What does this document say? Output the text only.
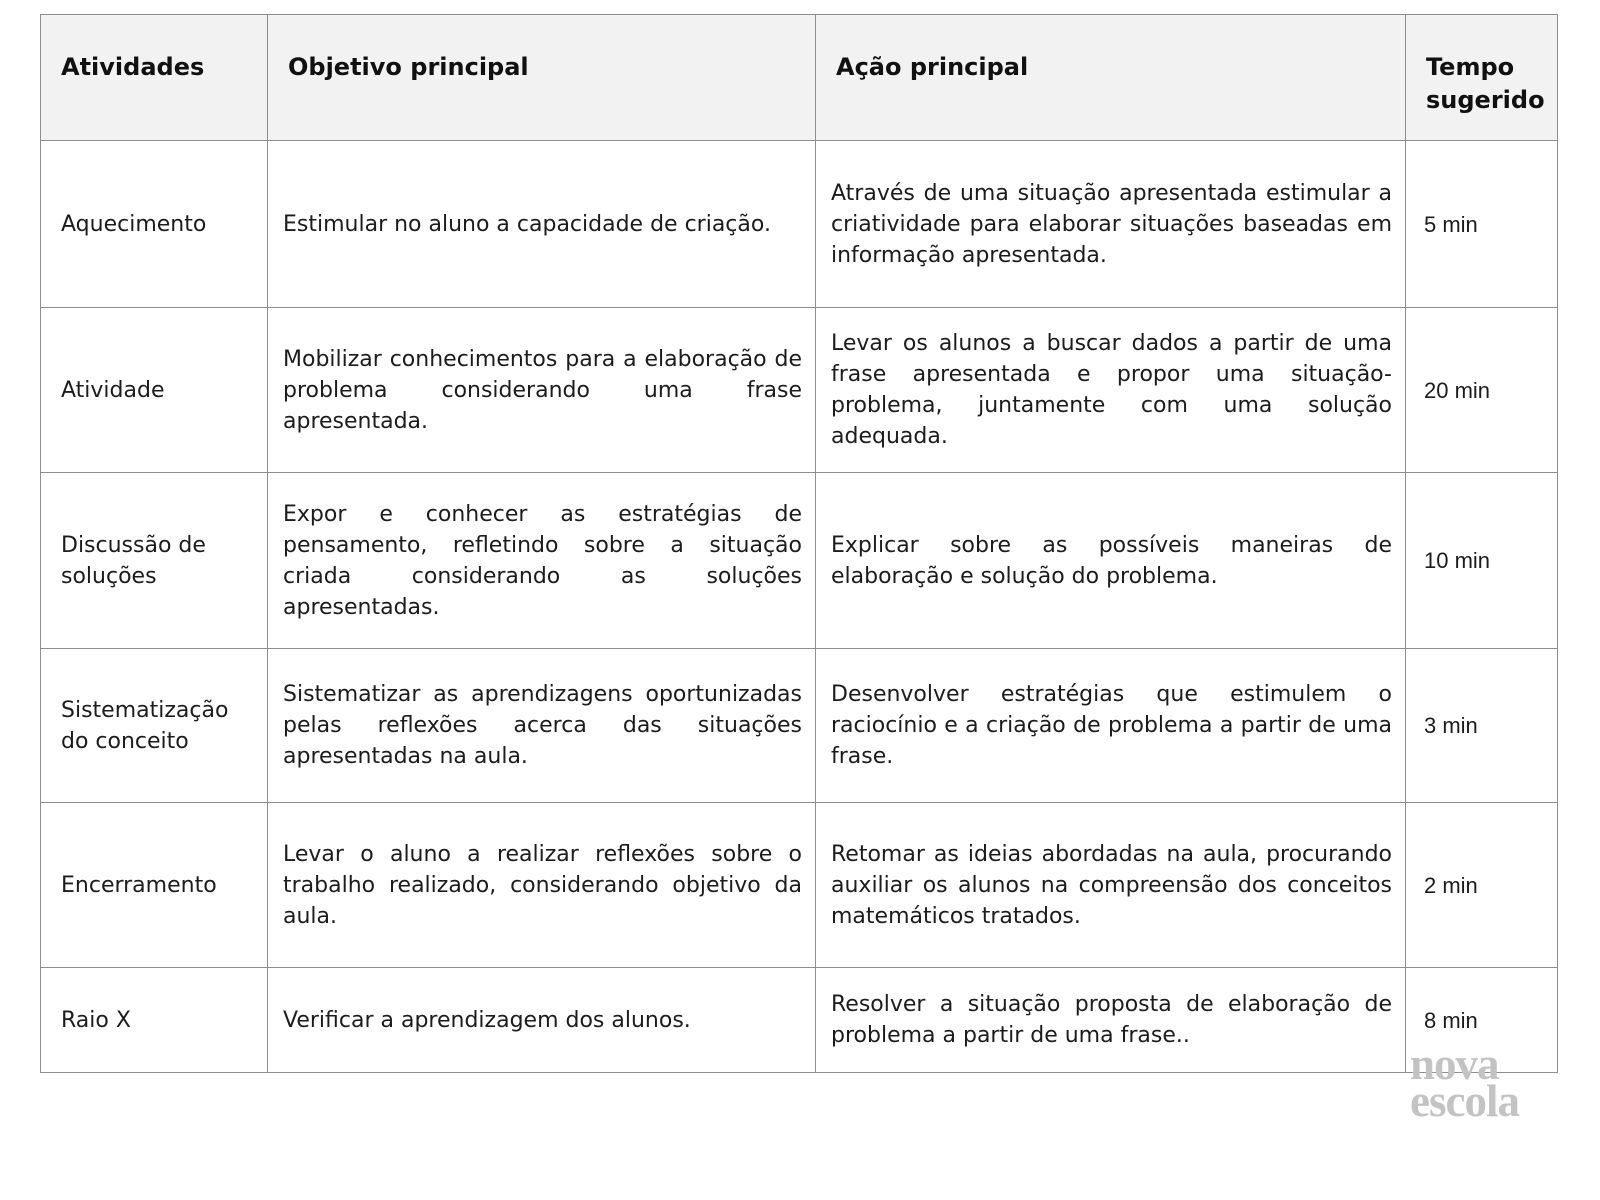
Atividades	Objetivo principal	Ação principal	Tempo sugerido
Aquecimento	Estimular no aluno a capacidade de criação.	Através de uma situação apresentada estimular a criatividade para elaborar situações baseadas em informação apresentada.	5 min
Atividade	Mobilizar conhecimentos para a elaboração de problema considerando uma frase apresentada.	Levar os alunos a buscar dados a partir de uma frase apresentada e propor uma situação-problema, juntamente com uma solução adequada.	20 min
Discussão de soluções	Expor e conhecer as estratégias de pensamento, refletindo sobre a situação criada considerando as soluções apresentadas.	Explicar sobre as possíveis maneiras de elaboração e solução do problema.	10 min
Sistematização do conceito	Sistematizar as aprendizagens oportunizadas pelas reflexões acerca das situações apresentadas na aula.	Desenvolver estratégias que estimulem o raciocínio e a criação de problema a partir de uma frase.	3 min
Encerramento	Levar o aluno a realizar reflexões sobre o trabalho realizado, considerando objetivo da aula.	Retomar as ideias abordadas na aula, procurando auxiliar os alunos na compreensão dos conceitos matemáticos tratados.	2 min
Raio X	Verificar a aprendizagem dos alunos.	Resolver a situação proposta de elaboração de problema a partir de uma frase..	8 min
nova
escola
